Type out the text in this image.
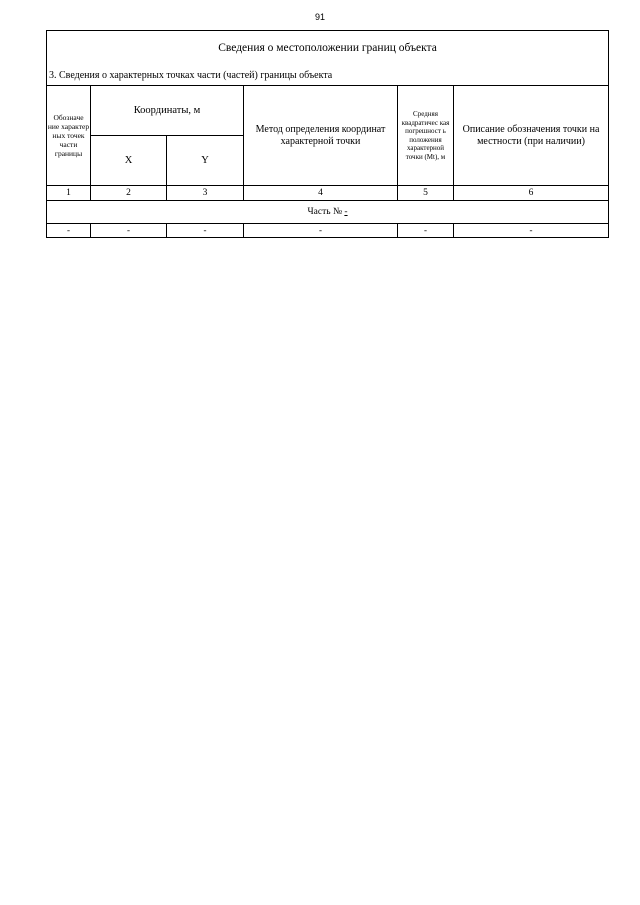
91
Сведения о местоположении границ объекта					
3. Сведения о характерных точках части (частей) границы объекта					
Обозначе ние характер ных точек части границы	Координаты, м		Метод определения координат характерной точки	Средняя квадратичес кая погрешност ь положения характерной точки (Mt), м	Описание обозначения точки на местности (при наличии)
	X	Y			
1	2	3	4	5	6
Часть № -					
-	-	-	-	-	-
